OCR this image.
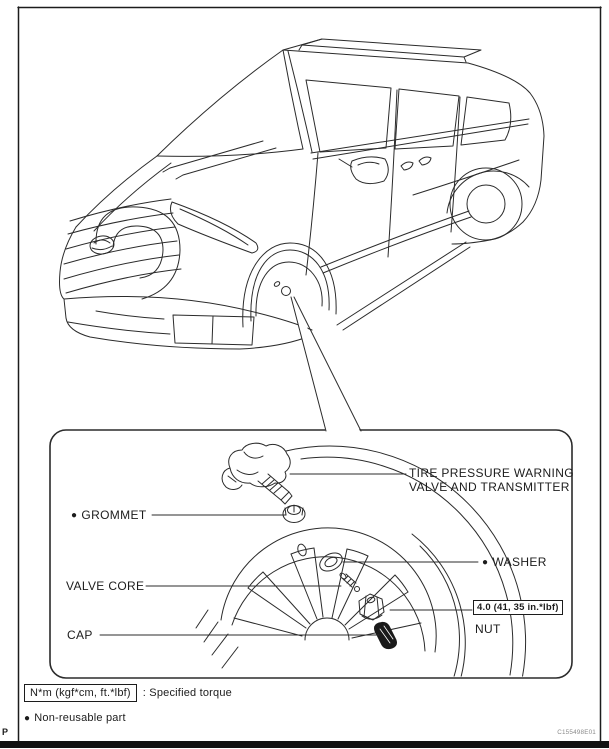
TIRE PRESSURE WARNING
VALVE AND TRANSMITTER
● GROMMET
● WASHER
VALVE CORE
4.0 (41, 35 in.*lbf)
NUT
CAP
N*m (kgf*cm, ft.*lbf)	: Specified torque
● Non-reusable part
P	C155498E01
